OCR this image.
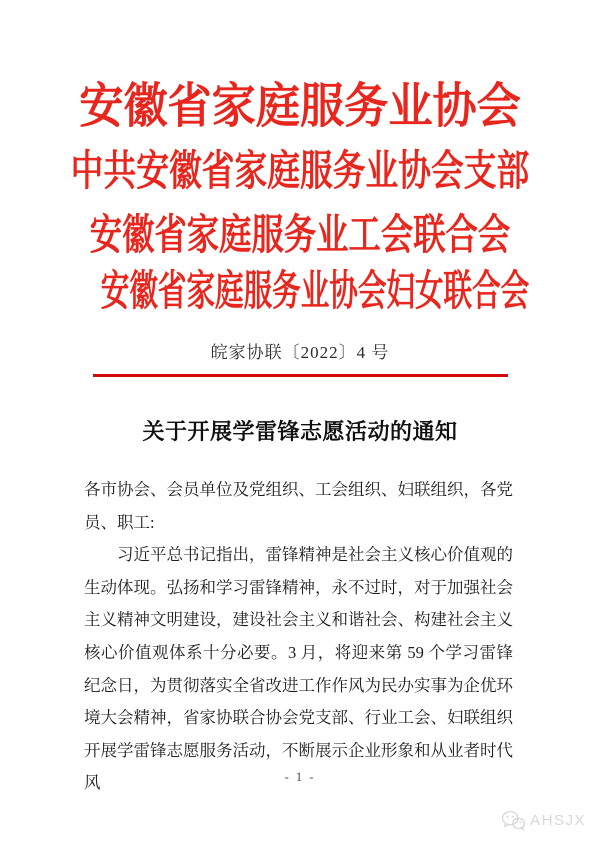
安徽省家庭服务业协会
中共安徽省家庭服务业协会支部
安徽省家庭服务业工会联合会
安徽省家庭服务业协会妇女联合会
皖家协联〔2022〕4 号
关于开展学雷锋志愿活动的通知

各市协会、会员单位及党组织、工会组织、妇联组织，各党员、职工:

习近平总书记指出，雷锋精神是社会主义核心价值观的生动体现。弘扬和学习雷锋精神，永不过时，对于加强社会主义精神文明建设，建设社会主义和谐社会、构建社会主义核心价值观体系十分必要。3 月，将迎来第 59 个学习雷锋纪念日，为贯彻落实全省改进工作作风为民办实事为企优环境大会精神，省家协联合协会党支部、行业工会、妇联组织开展学雷锋志愿服务活动，不断展示企业形象和从业者时代风	- 1 -
AHSJX
